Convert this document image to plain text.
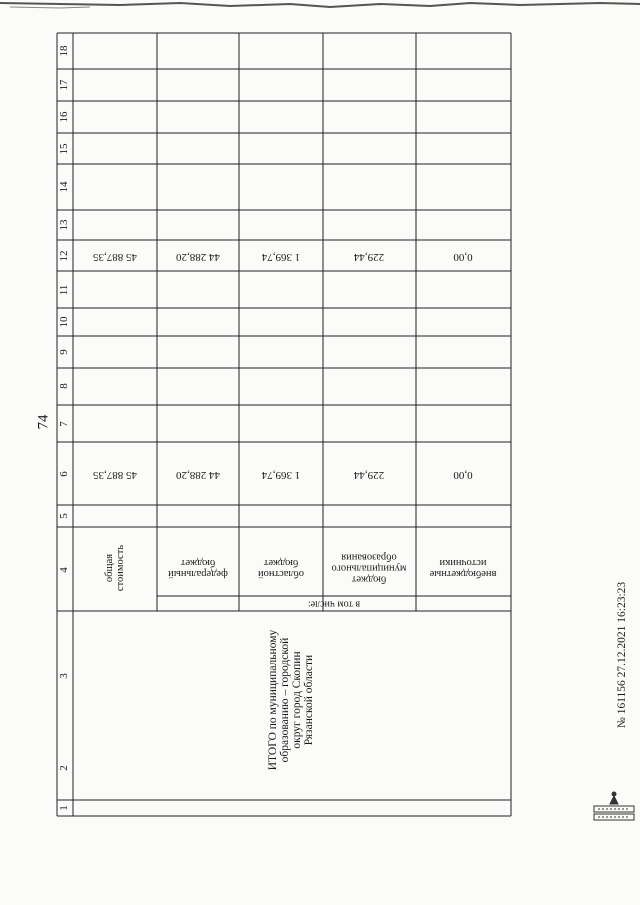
74
1
2
3
4
5
6
7
8
9
10
11
12
13
14
15
16
17
18
ИТОГО по муниципальному образованию – городской округ город Скопин Рязанской области
в том числе:
общая стоимость
45 887,35
45 887,35
федеральный
бюджет
44 288,20
44 288,20
областной
бюджет
1 369,74
1 369,74
бюджет
муниципального
образования
229,44
229,44
внебюджетные
источники
0,00
0,00
№ 161156 27.12.2021 16:23:23
